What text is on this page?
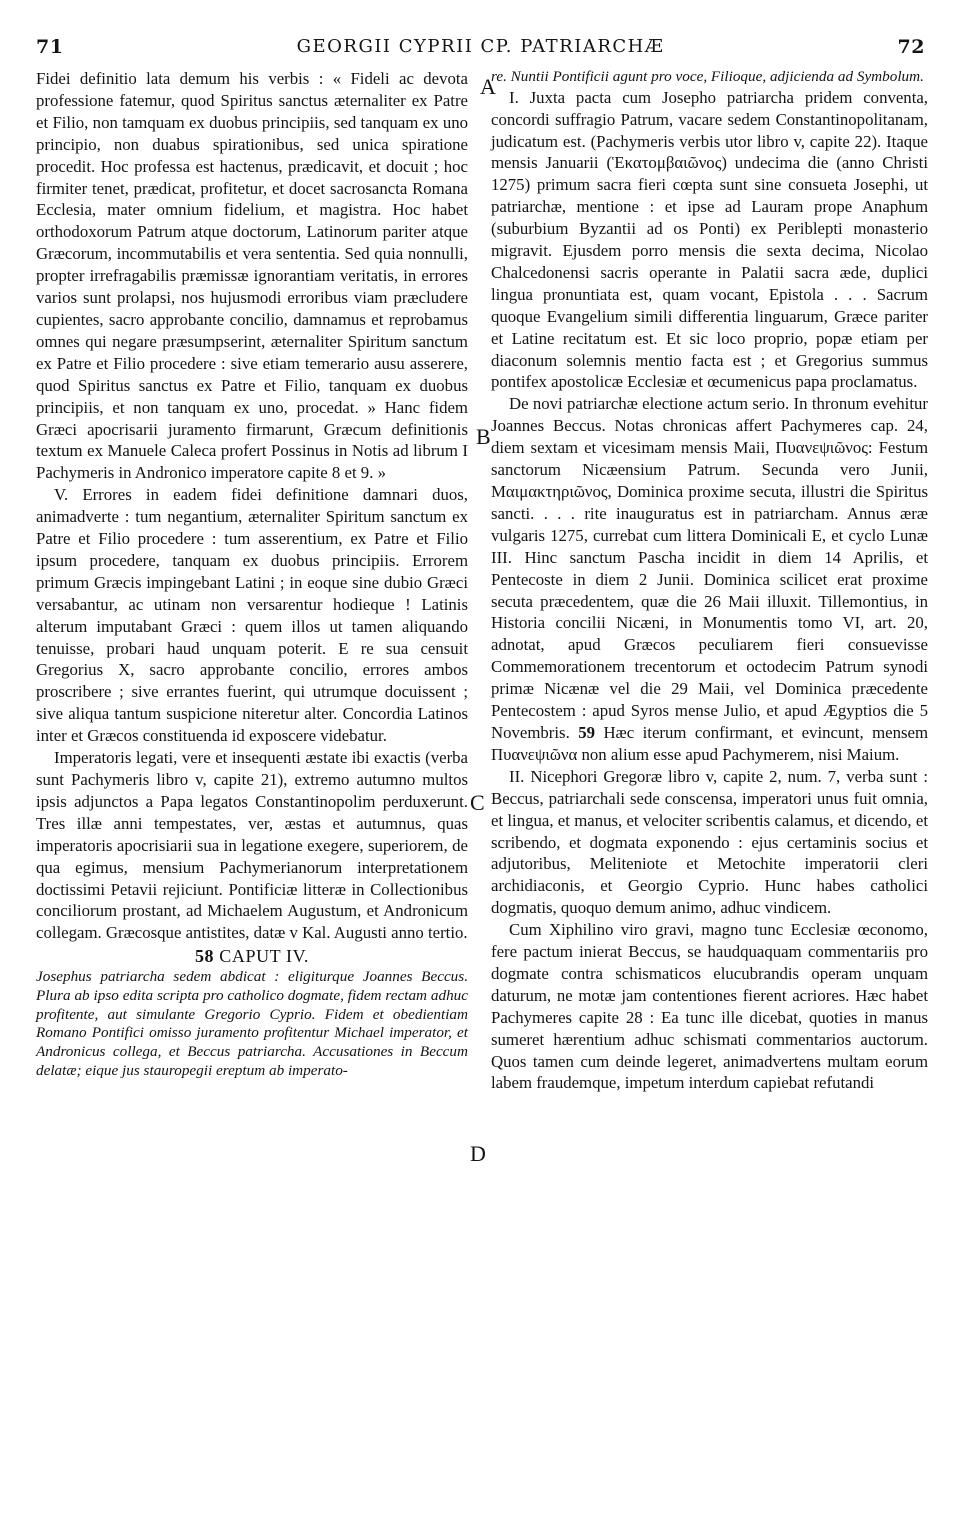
71	GEORGII CYPRII CP. PATRIARCHÆ	72
A
B
C
D

Fidei definitio lata demum his verbis : « Fideli ac devota professione fatemur, quod Spiritus sanctus æternaliter ex Patre et Filio, non tamquam ex duobus principiis, sed tanquam ex uno principio, non duabus spirationibus, sed unica spiratione procedit. Hoc professa est hactenus, prædicavit, et docuit ; hoc firmiter tenet, prædicat, profitetur, et docet sacrosancta Romana Ecclesia, mater omnium fidelium, et magistra. Hoc habet orthodoxorum Patrum atque doctorum, Latinorum pariter atque Græcorum, incommutabilis et vera sententia. Sed quia nonnulli, propter irrefragabilis præmissæ ignorantiam veritatis, in errores varios sunt prolapsi, nos hujusmodi erroribus viam præcludere cupientes, sacro approbante concilio, damnamus et reprobamus omnes qui negare præsumpserint, æternaliter Spiritum sanctum ex Patre et Filio procedere : sive etiam temerario ausu asserere, quod Spiritus sanctus ex Patre et Filio, tanquam ex duobus principiis, et non tanquam ex uno, procedat. » Hanc fidem Græci apocrisarii juramento firmarunt, Græcum definitionis textum ex Manuele Caleca profert Possinus in Notis ad librum I Pachymeris in Andronico imperatore capite 8 et 9. »

V. Errores in eadem fidei definitione damnari duos, animadverte : tum negantium, æternaliter Spiritum sanctum ex Patre et Filio procedere : tum asserentium, ex Patre et Filio ipsum procedere, tanquam ex duobus principiis. Errorem primum Græcis impingebant Latini ; in eoque sine dubio Græci versabantur, ac utinam non versarentur hodieque ! Latinis alterum imputabant Græci : quem illos ut tamen aliquando tenuisse, probari haud unquam poterit. E re sua censuit Gregorius X, sacro approbante concilio, errores ambos proscribere ; sive errantes fuerint, qui utrumque docuissent ; sive aliqua tantum suspicione niteretur alter. Concordia Latinos inter et Græcos constituenda id exposcere videbatur.

Imperatoris legati, vere et insequenti æstate ibi exactis (verba sunt Pachymeris libro v, capite 21), extremo autumno multos ipsis adjunctos a Papa legatos Constantinopolim perduxerunt. Tres illæ anni tempestates, ver, æstas et autumnus, quas imperatoris apocrisiarii sua in legatione exegere, superiorem, de qua egimus, mensium Pachymerianorum interpretationem doctissimi Petavii rejiciunt. Pontificiæ litteræ in Collectionibus conciliorum prostant, ad Michaelem Augustum, et Andronicum collegam. Græcosque antistites, datæ v Kal. Augusti anno tertio.

58 CAPUT IV.

Josephus patriarcha sedem abdicat : eligiturque Joannes Beccus. Plura ab ipso edita scripta pro catholico dogmate, fidem rectam adhuc profitente, aut simulante Gregorio Cyprio. Fidem et obedientiam Romano Pontifici omisso juramento profitentur Michael imperator, et Andronicus collega, et Beccus patriarcha. Accusationes in Beccum delatæ; eique jus stauropegii ereptum ab imperato-

re. Nuntii Pontificii agunt pro voce, Filioque, adjicienda ad Symbolum.

I. Juxta pacta cum Josepho patriarcha pridem conventa, concordi suffragio Patrum, vacare sedem Constantinopolitanam, judicatum est. (Pachymeris verbis utor libro v, capite 22). Itaque mensis Januarii (Ἑκατομβαιῶνος) undecima die (anno Christi 1275) primum sacra fieri cœpta sunt sine consueta Josephi, ut patriarchæ, mentione : et ipse ad Lauram prope Anaphum (suburbium Byzantii ad os Ponti) ex Periblepti monasterio migravit. Ejusdem porro mensis die sexta decima, Nicolao Chalcedonensi sacris operante in Palatii sacra æde, duplici lingua pronuntiata est, quam vocant, Epistola . . . Sacrum quoque Evangelium simili differentia linguarum, Græce pariter et Latine recitatum est. Et sic loco proprio, popæ etiam per diaconum solemnis mentio facta est ; et Gregorius summus pontifex apostolicæ Ecclesiæ et œcumenicus papa proclamatus.

De novi patriarchæ electione actum serio. In thronum evehitur Joannes Beccus. Notas chronicas affert Pachymeres cap. 24, diem sextam et vicesimam mensis Maii, Πυανεψιῶνος: Festum sanctorum Nicæensium Patrum. Secunda vero Junii, Μαιμακτηριῶνος, Dominica proxime secuta, illustri die Spiritus sancti. . . . rite inauguratus est in patriarcham. Annus æræ vulgaris 1275, currebat cum littera Dominicali E, et cyclo Lunæ III. Hinc sanctum Pascha incidit in diem 14 Aprilis, et Pentecoste in diem 2 Junii. Dominica scilicet erat proxime secuta præcedentem, quæ die 26 Maii illuxit. Tillemontius, in Historia concilii Nicæni, in Monumentis tomo VI, art. 20, adnotat, apud Græcos peculiarem fieri consuevisse Commemorationem trecentorum et octodecim Patrum synodi primæ Nicænæ vel die 29 Maii, vel Dominica præcedente Pentecostem : apud Syros mense Julio, et apud Ægyptios die 5 Novembris. 59 Hæc iterum confirmant, et evincunt, mensem Πυανεψιῶνα non alium esse apud Pachymerem, nisi Maium.

II. Nicephori Gregoræ libro v, capite 2, num. 7, verba sunt : Beccus, patriarchali sede conscensa, imperatori unus fuit omnia, et lingua, et manus, et velociter scribentis calamus, et dicendo, et scribendo, et dogmata exponendo : ejus certaminis socius et adjutoribus, Meliteniote et Metochite imperatorii cleri archidiaconis, et Georgio Cyprio. Hunc habes catholici dogmatis, quoquo demum animo, adhuc vindicem.

Cum Xiphilino viro gravi, magno tunc Ecclesiæ œconomo, fere pactum inierat Beccus, se haudquaquam commentariis pro dogmate contra schismaticos elucubrandis operam unquam daturum, ne motæ jam contentiones fierent acriores. Hæc habet Pachymeres capite 28 : Ea tunc ille dicebat, quoties in manus sumeret hærentium adhuc schismati commentarios auctorum. Quos tamen cum deinde legeret, animadvertens multam eorum labem fraudemque, impetum interdum capiebat refutandi
